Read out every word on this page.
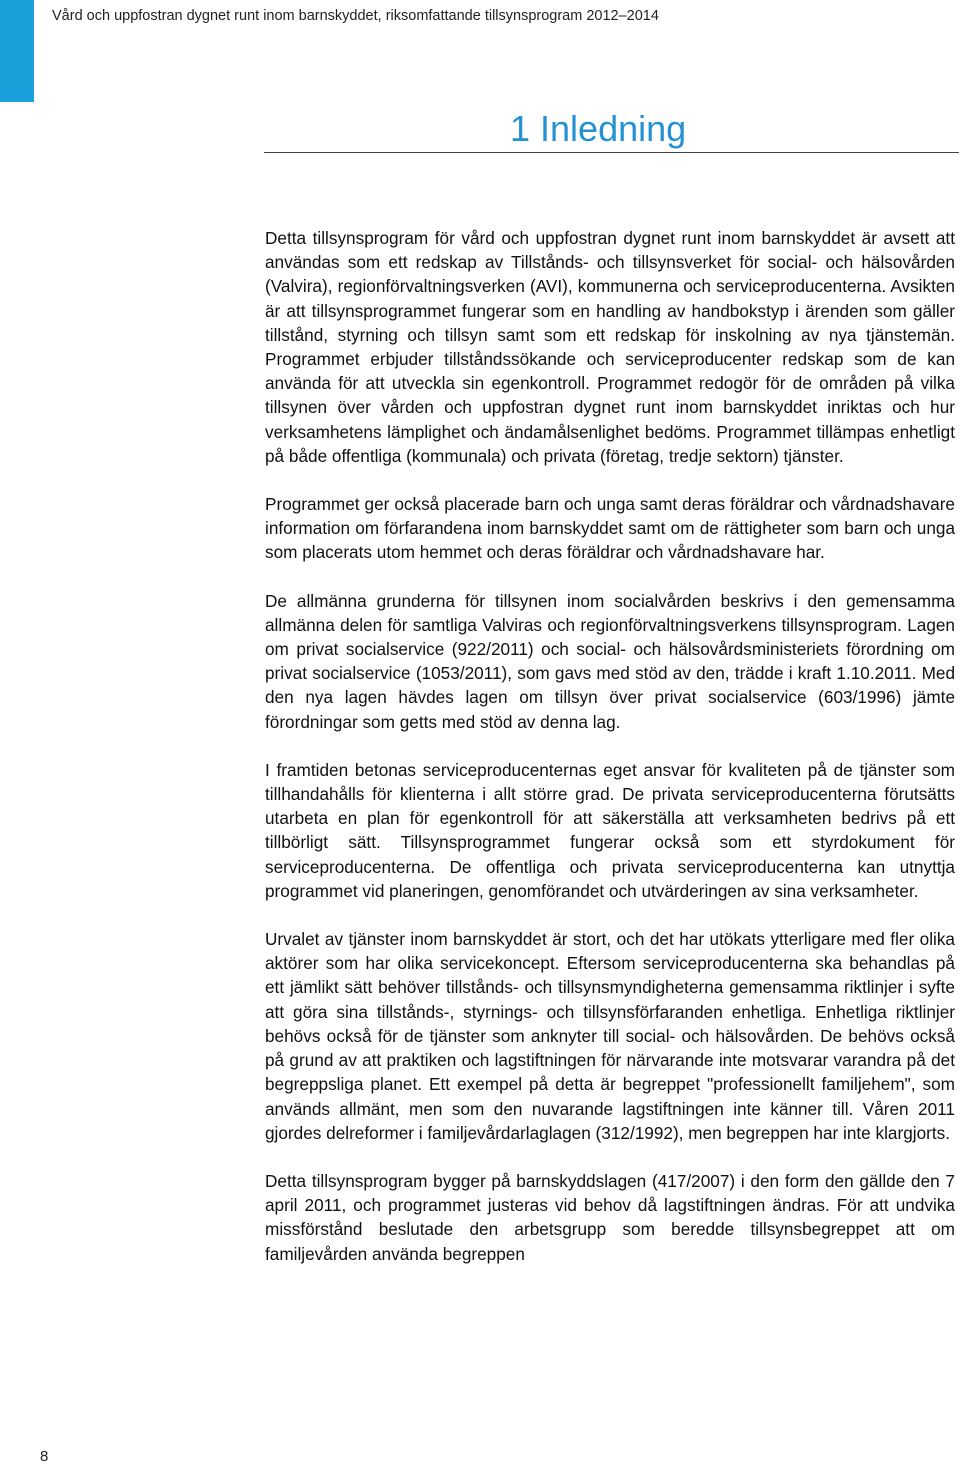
Vård och uppfostran dygnet runt inom barnskyddet, riksomfattande tillsynsprogram 2012–2014
1 Inledning

Detta tillsynsprogram för vård och uppfostran dygnet runt inom barnskyddet är avsett att användas som ett redskap av Tillstånds- och tillsynsverket för social- och hälsovården (Valvira), regionförvaltningsverken (AVI), kommunerna och serviceproducenterna. Avsikten är att tillsynsprogrammet fungerar som en handling av handbokstyp i ärenden som gäller tillstånd, styrning och tillsyn samt som ett redskap för inskolning av nya tjänstemän. Programmet erbjuder tillståndssökande och serviceproducenter redskap som de kan använda för att utveckla sin egenkontroll. Programmet redogör för de områden på vilka tillsynen över vården och uppfostran dygnet runt inom barnskyddet inriktas och hur verksamhetens lämplighet och ändamålsenlighet bedöms. Programmet tillämpas enhetligt på både offentliga (kommunala) och privata (företag, tredje sektorn) tjänster.

Programmet ger också placerade barn och unga samt deras föräldrar och vårdnadshavare information om förfarandena inom barnskyddet samt om de rättigheter som barn och unga som placerats utom hemmet och deras föräldrar och vårdnadshavare har.

De allmänna grunderna för tillsynen inom socialvården beskrivs i den gemensamma allmänna delen för samtliga Valviras och regionförvaltningsverkens tillsynsprogram. Lagen om privat socialservice (922/2011) och social- och hälsovårdsministeriets förordning om privat socialservice (1053/2011), som gavs med stöd av den, trädde i kraft 1.10.2011. Med den nya lagen hävdes lagen om tillsyn över privat socialservice (603/1996) jämte förordningar som getts med stöd av denna lag.

I framtiden betonas serviceproducenternas eget ansvar för kvaliteten på de tjänster som tillhandahålls för klienterna i allt större grad. De privata serviceproducenterna förutsätts utarbeta en plan för egenkontroll för att säkerställa att verksamheten bedrivs på ett tillbörligt sätt. Tillsynsprogrammet fungerar också som ett styrdokument för serviceproducenterna. De offentliga och privata serviceproducenterna kan utnyttja programmet vid planeringen, genomförandet och utvärderingen av sina verksamheter.

Urvalet av tjänster inom barnskyddet är stort, och det har utökats ytterligare med fler olika aktörer som har olika servicekoncept. Eftersom serviceproducenterna ska behandlas på ett jämlikt sätt behöver tillstånds- och tillsynsmyndigheterna gemensamma riktlinjer i syfte att göra sina tillstånds-, styrnings- och tillsynsförfaranden enhetliga. Enhetliga riktlinjer behövs också för de tjänster som anknyter till social- och hälsovården. De behövs också på grund av att praktiken och lagstiftningen för närvarande inte motsvarar varandra på det begreppsliga planet. Ett exempel på detta är begreppet "professionellt familjehem", som används allmänt, men som den nuvarande lagstiftningen inte känner till. Våren 2011 gjordes delreformer i familjevårdarlaglagen (312/1992), men begreppen har inte klargjorts.

Detta tillsynsprogram bygger på barnskyddslagen (417/2007) i den form den gällde den 7 april 2011, och programmet justeras vid behov då lagstiftningen ändras. För att undvika missförstånd beslutade den arbetsgrupp som beredde tillsynsbegreppet att om familjevården använda begreppen

8
